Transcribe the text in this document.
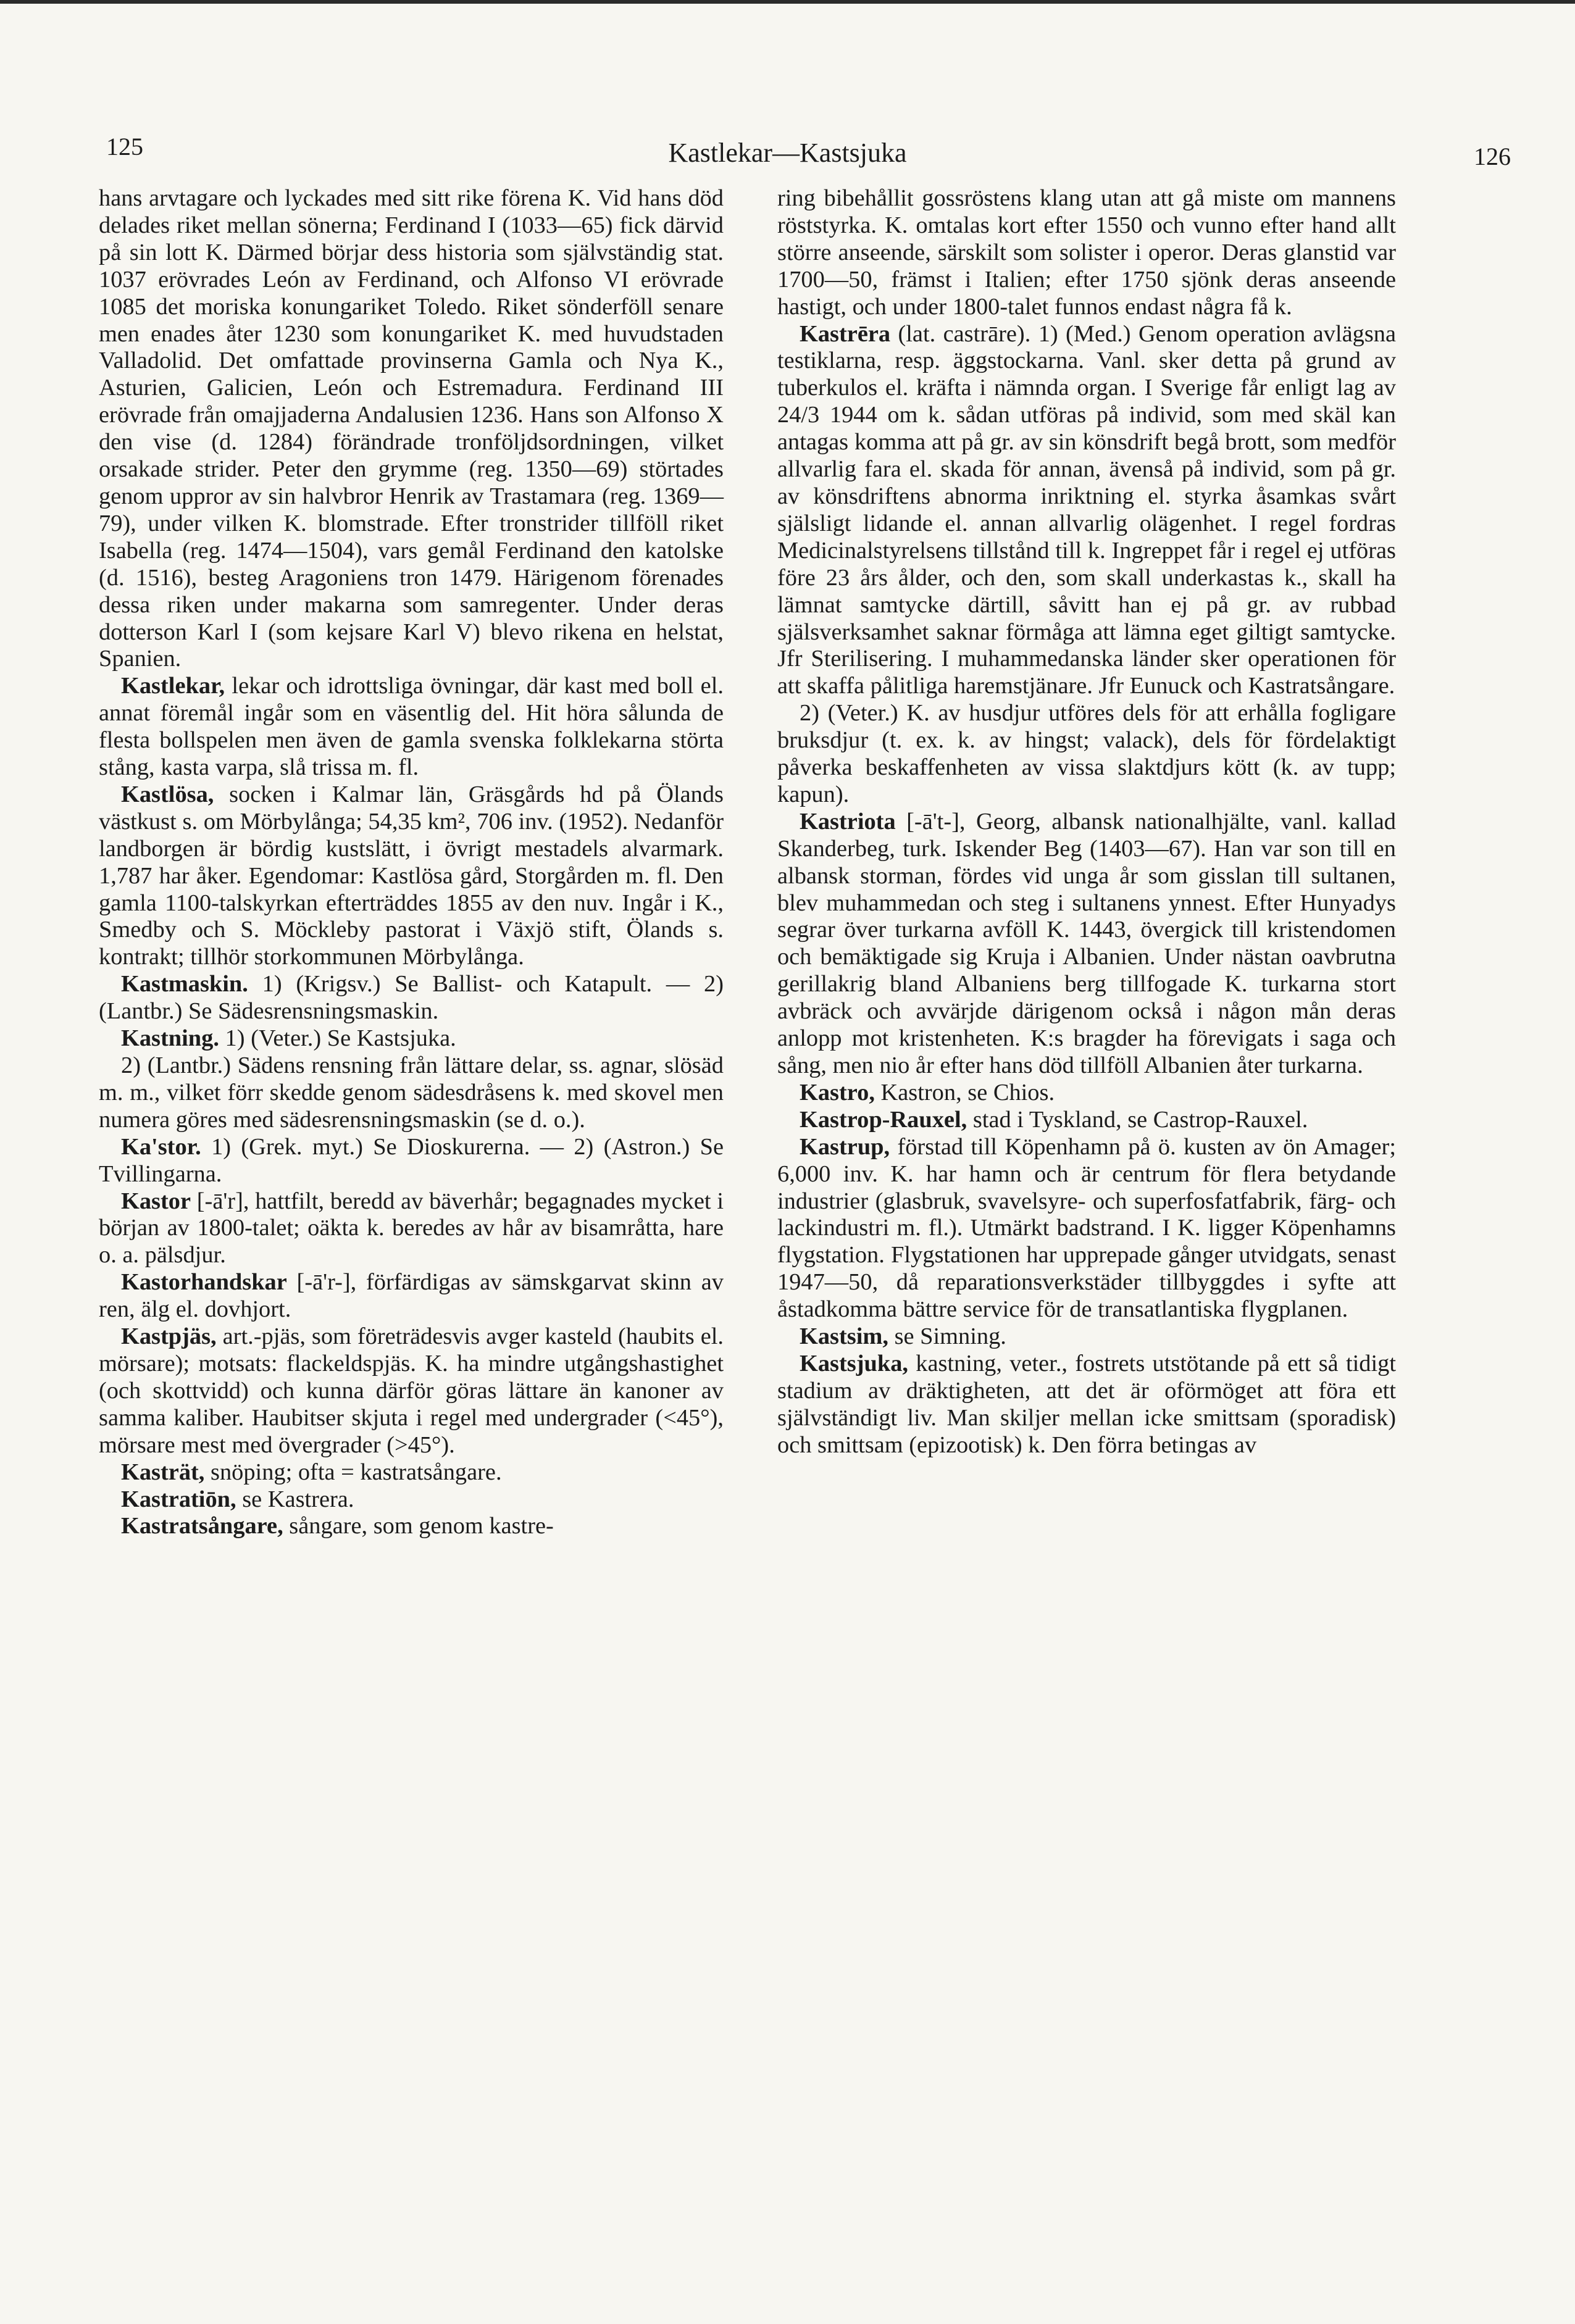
125	Kastlekar—Kastsjuka	126

hans arvtagare och lyckades med sitt rike förena K. Vid hans död delades riket mellan sönerna; Ferdinand I (1033—65) fick därvid på sin lott K. Därmed börjar dess historia som självständig stat. 1037 erövrades León av Ferdinand, och Alfonso VI erövrade 1085 det moriska konungariket Toledo. Riket sönderföll senare men enades åter 1230 som konungariket K. med huvudstaden Valladolid. Det omfattade provinserna Gamla och Nya K., Asturien, Galicien, León och Estremadura. Ferdinand III erövrade från omajjaderna Andalusien 1236. Hans son Alfonso X den vise (d. 1284) förändrade tronföljdsordningen, vilket orsakade strider. Peter den grymme (reg. 1350—69) störtades genom uppror av sin halvbror Henrik av Trastamara (reg. 1369—79), under vilken K. blomstrade. Efter tronstrider tillföll riket Isabella (reg. 1474—1504), vars gemål Ferdinand den katolske (d. 1516), besteg Aragoniens tron 1479. Härigenom förenades dessa riken under makarna som samregenter. Under deras dotterson Karl I (som kejsare Karl V) blevo rikena en helstat, Spanien.

Kastlekar, lekar och idrottsliga övningar, där kast med boll el. annat föremål ingår som en väsentlig del. Hit höra sålunda de flesta bollspelen men även de gamla svenska folklekarna störta stång, kasta varpa, slå trissa m. fl.

Kastlösa, socken i Kalmar län, Gräsgårds hd på Ölands västkust s. om Mörbylånga; 54,35 km², 706 inv. (1952). Nedanför landborgen är bördig kustslätt, i övrigt mestadels alvarmark. 1,787 har åker. Egendomar: Kastlösa gård, Storgården m. fl. Den gamla 1100-talskyrkan efterträddes 1855 av den nuv. Ingår i K., Smedby och S. Möckleby pastorat i Växjö stift, Ölands s. kontrakt; tillhör storkommunen Mörbylånga.

Kastmaskin. 1) (Krigsv.) Se Ballist- och Katapult. — 2) (Lantbr.) Se Sädesrensningsmaskin.

Kastning. 1) (Veter.) Se Kastsjuka.

2) (Lantbr.) Sädens rensning från lättare delar, ss. agnar, slösäd m. m., vilket förr skedde genom sädesdråsens k. med skovel men numera göres med sädesrensningsmaskin (se d. o.).

Ka'stor. 1) (Grek. myt.) Se Dioskurerna. — 2) (Astron.) Se Tvillingarna.

Kastor [-ā'r], hattfilt, beredd av bäverhår; begagnades mycket i början av 1800-talet; oäkta k. beredes av hår av bisamråtta, hare o. a. pälsdjur.

Kastorhandskar [-ā'r-], förfärdigas av sämskgarvat skinn av ren, älg el. dovhjort.

Kastpjäs, art.-pjäs, som företrädesvis avger kasteld (haubits el. mörsare); motsats: flackeldspjäs. K. ha mindre utgångshastighet (och skottvidd) och kunna därför göras lättare än kanoner av samma kaliber. Haubitser skjuta i regel med undergrader (<45°), mörsare mest med övergrader (>45°).

Kasträt, snöping; ofta = kastratsångare.

Kastratiōn, se Kastrera.

Kastratsångare, sångare, som genom kastre-

ring bibehållit gossröstens klang utan att gå miste om mannens röststyrka. K. omtalas kort efter 1550 och vunno efter hand allt större anseende, särskilt som solister i operor. Deras glanstid var 1700—50, främst i Italien; efter 1750 sjönk deras anseende hastigt, och under 1800-talet funnos endast några få k.

Kastrēra (lat. castrāre). 1) (Med.) Genom operation avlägsna testiklarna, resp. äggstockarna. Vanl. sker detta på grund av tuberkulos el. kräfta i nämnda organ. I Sverige får enligt lag av 24/3 1944 om k. sådan utföras på individ, som med skäl kan antagas komma att på gr. av sin könsdrift begå brott, som medför allvarlig fara el. skada för annan, ävenså på individ, som på gr. av könsdriftens abnorma inriktning el. styrka åsamkas svårt själsligt lidande el. annan allvarlig olägenhet. I regel fordras Medicinalstyrelsens tillstånd till k. Ingreppet får i regel ej utföras före 23 års ålder, och den, som skall underkastas k., skall ha lämnat samtycke därtill, såvitt han ej på gr. av rubbad själsverksamhet saknar förmåga att lämna eget giltigt samtycke. Jfr Sterilisering. I muhammedanska länder sker operationen för att skaffa pålitliga haremstjänare. Jfr Eunuck och Kastratsångare.

2) (Veter.) K. av husdjur utföres dels för att erhålla fogligare bruksdjur (t. ex. k. av hingst; valack), dels för fördelaktigt påverka beskaffenheten av vissa slaktdjurs kött (k. av tupp; kapun).

Kastriota [-ā't-], Georg, albansk nationalhjälte, vanl. kallad Skanderbeg, turk. Iskender Beg (1403—67). Han var son till en albansk storman, fördes vid unga år som gisslan till sultanen, blev muhammedan och steg i sultanens ynnest. Efter Hunyadys segrar över turkarna avföll K. 1443, övergick till kristendomen och bemäktigade sig Kruja i Albanien. Under nästan oavbrutna gerillakrig bland Albaniens berg tillfogade K. turkarna stort avbräck och avvärjde därigenom också i någon mån deras anlopp mot kristenheten. K:s bragder ha förevigats i saga och sång, men nio år efter hans död tillföll Albanien åter turkarna.

Kastro, Kastron, se Chios.

Kastrop-Rauxel, stad i Tyskland, se Castrop-Rauxel.

Kastrup, förstad till Köpenhamn på ö. kusten av ön Amager; 6,000 inv. K. har hamn och är centrum för flera betydande industrier (glasbruk, svavelsyre- och superfosfatfabrik, färg- och lackindustri m. fl.). Utmärkt badstrand. I K. ligger Köpenhamns flygstation. Flygstationen har upprepade gånger utvidgats, senast 1947—50, då reparationsverkstäder tillbyggdes i syfte att åstadkomma bättre service för de transatlantiska flygplanen.

Kastsim, se Simning.

Kastsjuka, kastning, veter., fostrets utstötande på ett så tidigt stadium av dräktigheten, att det är oförmöget att föra ett självständigt liv. Man skiljer mellan icke smittsam (sporadisk) och smittsam (epizootisk) k. Den förra betingas av
